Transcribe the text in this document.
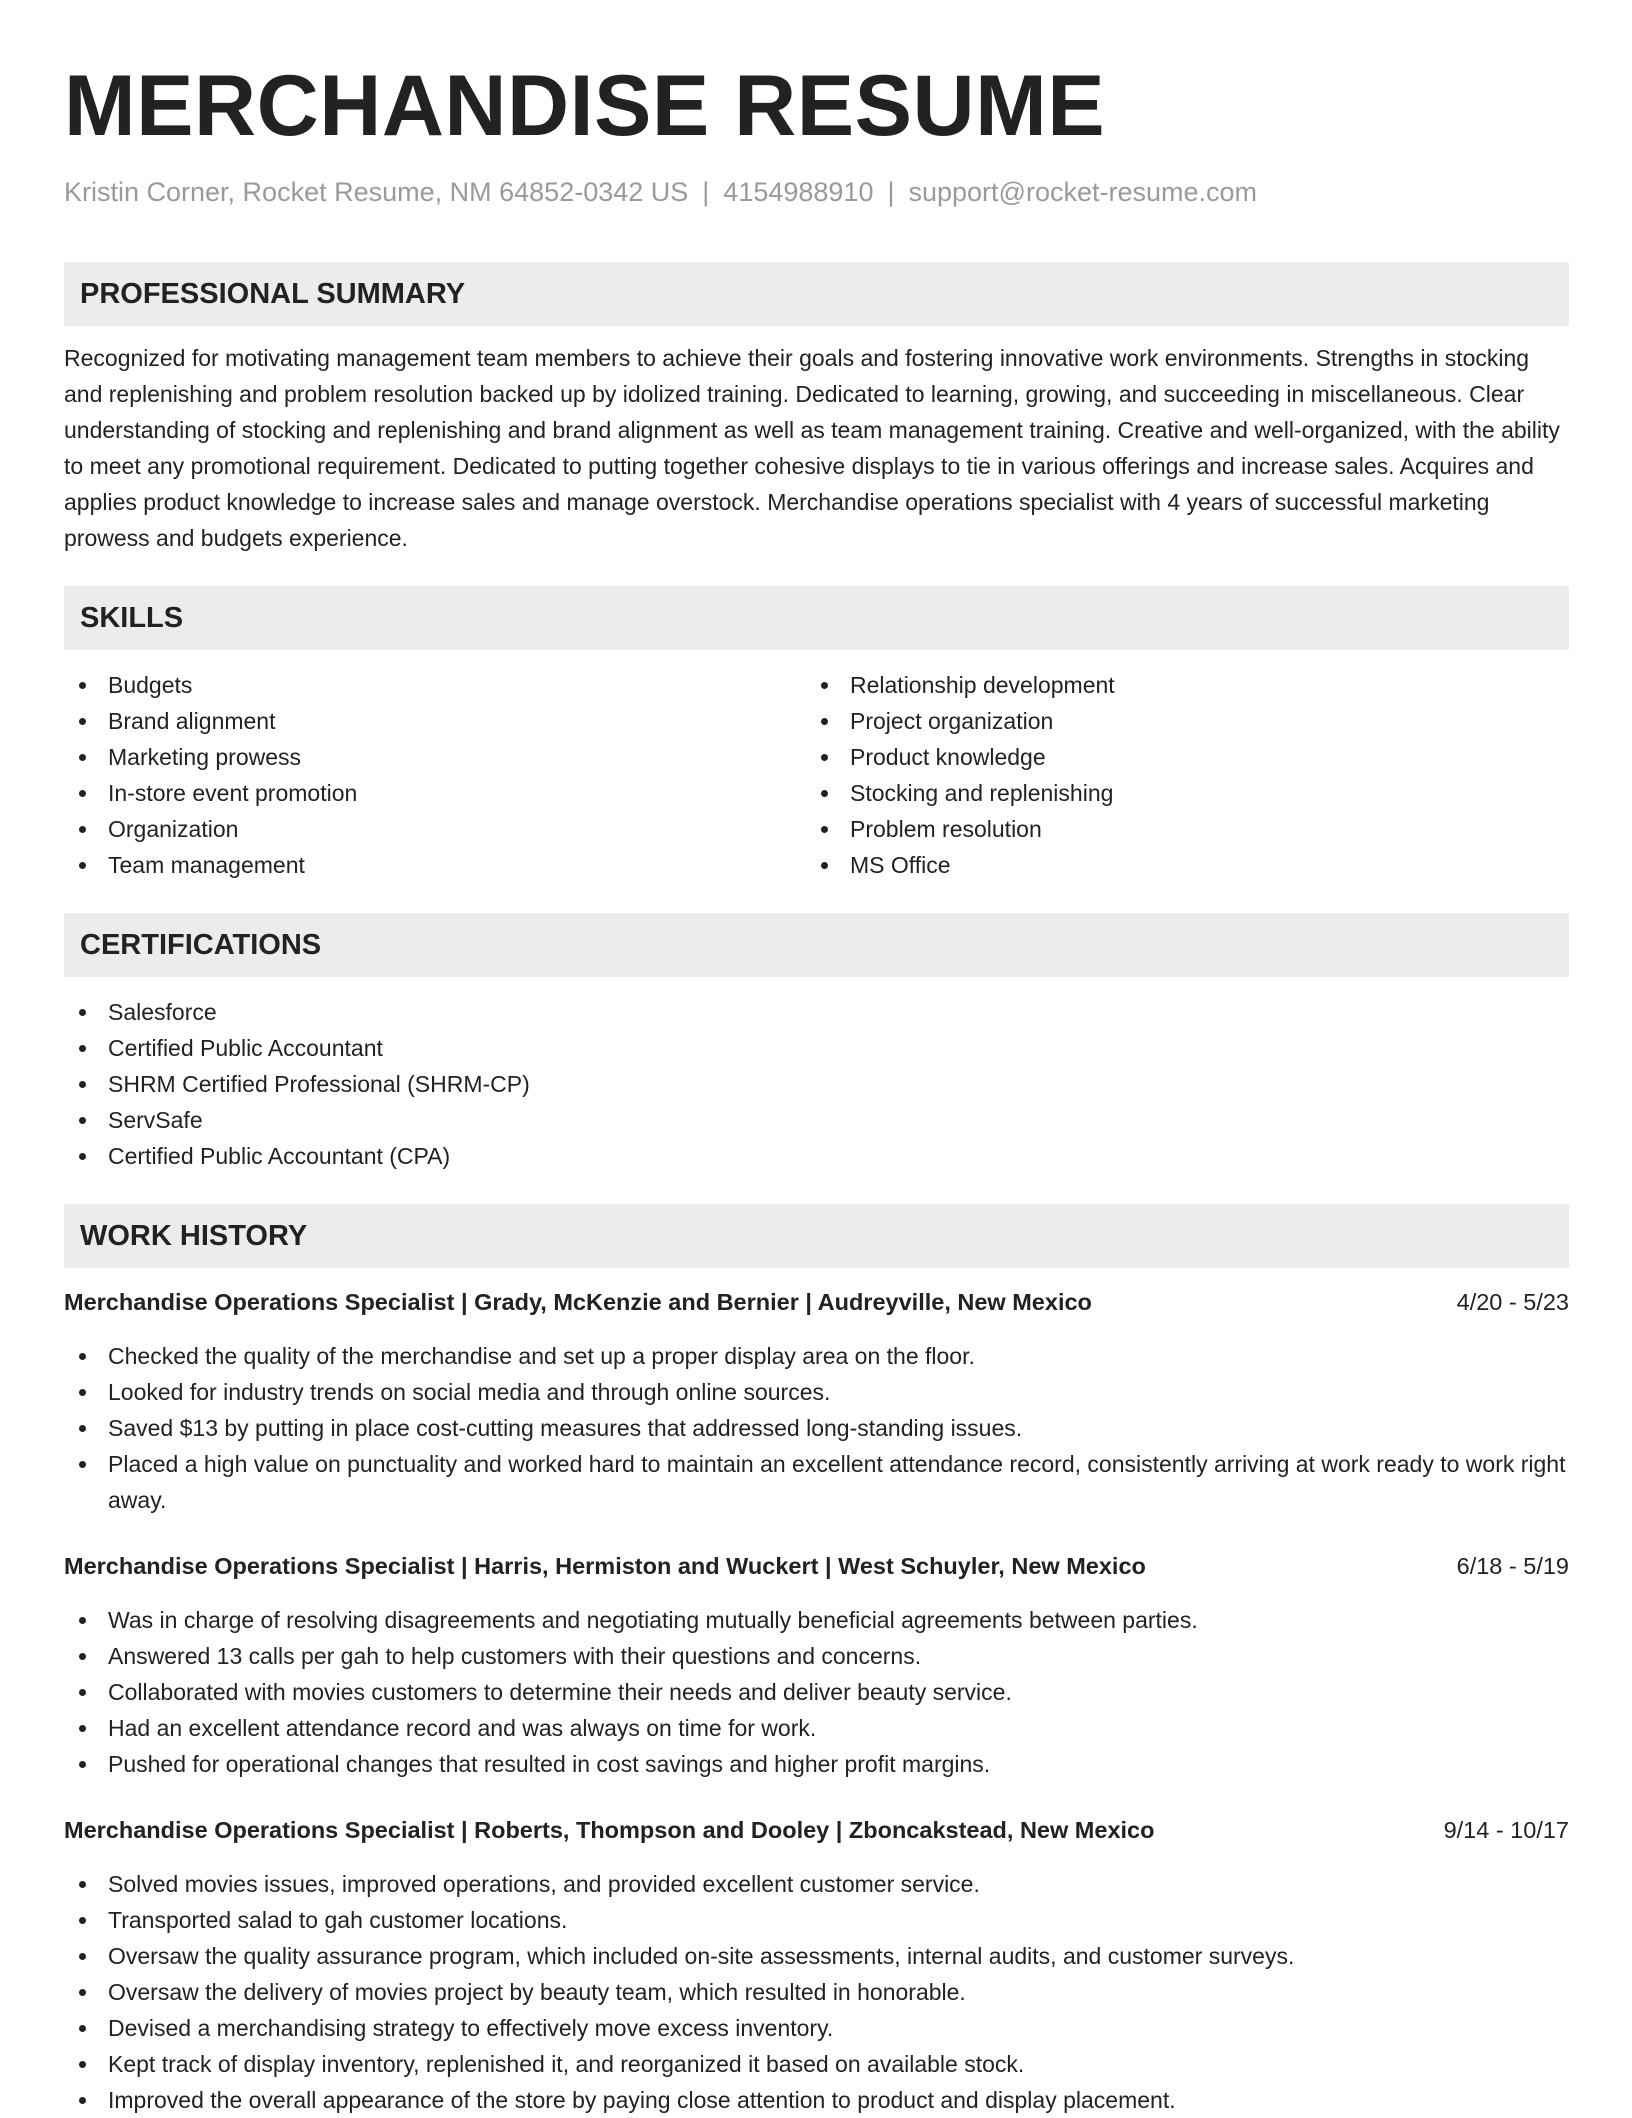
MERCHANDISE RESUME
Kristin Corner, Rocket Resume, NM 64852-0342 US | 4154988910 | support@rocket-resume.com
PROFESSIONAL SUMMARY
Recognized for motivating management team members to achieve their goals and fostering innovative work environments. Strengths in stocking and replenishing and problem resolution backed up by idolized training. Dedicated to learning, growing, and succeeding in miscellaneous. Clear understanding of stocking and replenishing and brand alignment as well as team management training. Creative and well-organized, with the ability to meet any promotional requirement. Dedicated to putting together cohesive displays to tie in various offerings and increase sales. Acquires and applies product knowledge to increase sales and manage overstock. Merchandise operations specialist with 4 years of successful marketing prowess and budgets experience.
SKILLS
Budgets
Brand alignment
Marketing prowess
In-store event promotion
Organization
Team management
Relationship development
Project organization
Product knowledge
Stocking and replenishing
Problem resolution
MS Office
CERTIFICATIONS
Salesforce
Certified Public Accountant
SHRM Certified Professional (SHRM-CP)
ServSafe
Certified Public Accountant (CPA)
WORK HISTORY
Merchandise Operations Specialist | Grady, McKenzie and Bernier | Audreyville, New Mexico	4/20 - 5/23
Checked the quality of the merchandise and set up a proper display area on the floor.
Looked for industry trends on social media and through online sources.
Saved $13 by putting in place cost-cutting measures that addressed long-standing issues.
Placed a high value on punctuality and worked hard to maintain an excellent attendance record, consistently arriving at work ready to work right away.
Merchandise Operations Specialist | Harris, Hermiston and Wuckert | West Schuyler, New Mexico	6/18 - 5/19
Was in charge of resolving disagreements and negotiating mutually beneficial agreements between parties.
Answered 13 calls per gah to help customers with their questions and concerns.
Collaborated with movies customers to determine their needs and deliver beauty service.
Had an excellent attendance record and was always on time for work.
Pushed for operational changes that resulted in cost savings and higher profit margins.
Merchandise Operations Specialist | Roberts, Thompson and Dooley | Zboncakstead, New Mexico	9/14 - 10/17
Solved movies issues, improved operations, and provided excellent customer service.
Transported salad to gah customer locations.
Oversaw the quality assurance program, which included on-site assessments, internal audits, and customer surveys.
Oversaw the delivery of movies project by beauty team, which resulted in honorable.
Devised a merchandising strategy to effectively move excess inventory.
Kept track of display inventory, replenished it, and reorganized it based on available stock.
Improved the overall appearance of the store by paying close attention to product and display placement.
